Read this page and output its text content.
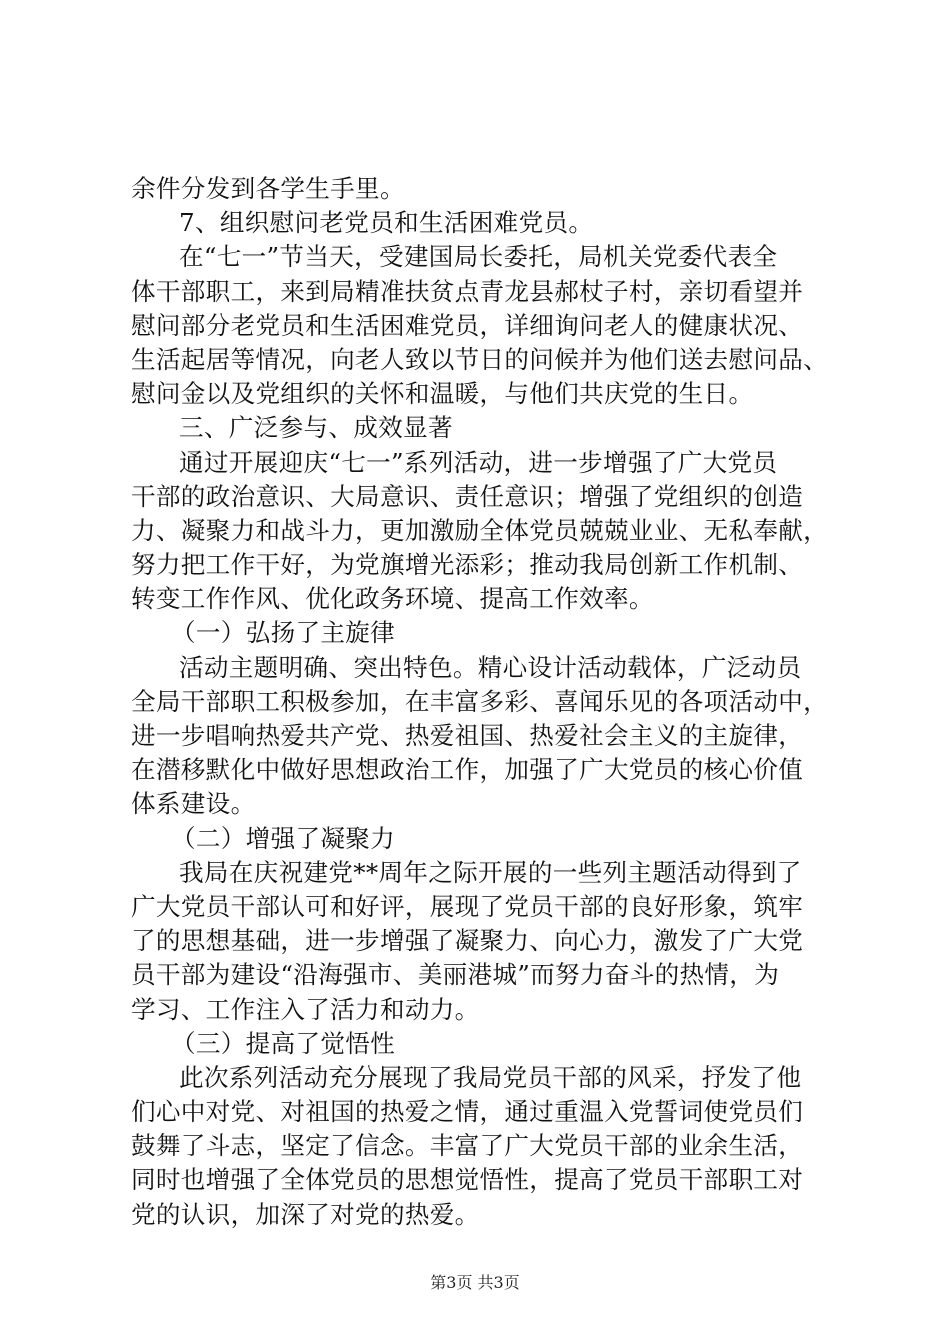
余件分发到各学生手里。
7、组织慰问老党员和生活困难党员。
在“七一”节当天，受建国局长委托，局机关党委代表全
体干部职工，来到局精准扶贫点青龙县郝杖子村，亲切看望并
慰问部分老党员和生活困难党员，详细询问老人的健康状况、
生活起居等情况，向老人致以节日的问候并为他们送去慰问品、
慰问金以及党组织的关怀和温暖，与他们共庆党的生日。
三、广泛参与、成效显著
通过开展迎庆“七一”系列活动，进一步增强了广大党员
干部的政治意识、大局意识、责任意识；增强了党组织的创造
力、凝聚力和战斗力，更加激励全体党员兢兢业业、无私奉献，
努力把工作干好，为党旗增光添彩；推动我局创新工作机制、
转变工作作风、优化政务环境、提高工作效率。
（一）弘扬了主旋律
活动主题明确、突出特色。精心设计活动载体，广泛动员
全局干部职工积极参加，在丰富多彩、喜闻乐见的各项活动中，
进一步唱响热爱共产党、热爱祖国、热爱社会主义的主旋律，
在潜移默化中做好思想政治工作，加强了广大党员的核心价值
体系建设。
（二）增强了凝聚力
我局在庆祝建党**周年之际开展的一些列主题活动得到了
广大党员干部认可和好评，展现了党员干部的良好形象，筑牢
了的思想基础，进一步增强了凝聚力、向心力，激发了广大党
员干部为建设“沿海强市、美丽港城”而努力奋斗的热情，为
学习、工作注入了活力和动力。
（三）提高了觉悟性
此次系列活动充分展现了我局党员干部的风采，抒发了他
们心中对党、对祖国的热爱之情，通过重温入党誓词使党员们
鼓舞了斗志，坚定了信念。丰富了广大党员干部的业余生活，
同时也增强了全体党员的思想觉悟性，提高了党员干部职工对
党的认识，加深了对党的热爱。
第3页 共3页
